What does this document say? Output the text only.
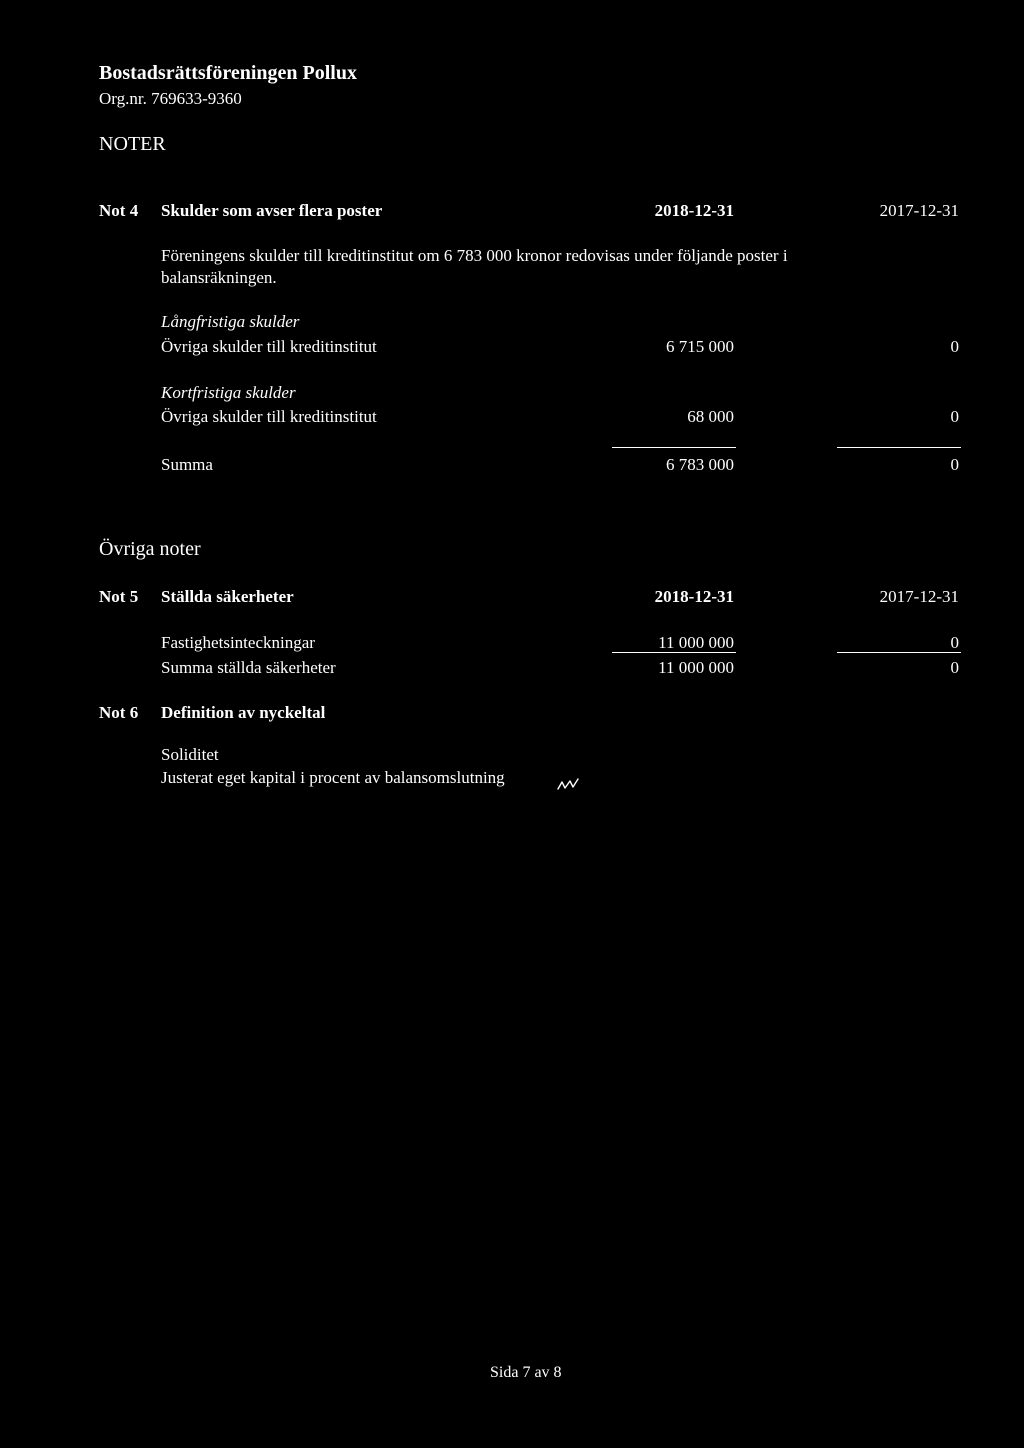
Bostadsrättsföreningen Pollux
Org.nr. 769633-9360
NOTER
Not 4 Skulder som avser flera poster	2018-12-31	2017-12-31
Föreningens skulder till kreditinstitut om 6 783 000 kronor redovisas under följande poster i
balansräkningen.
Långfristiga skulder
Övriga skulder till kreditinstitut	6 715 000	0
Kortfristiga skulder
Övriga skulder till kreditinstitut	68 000	0
Summa	6 783 000	0
Övriga noter
Not 5 Ställda säkerheter	2018-12-31	2017-12-31
Fastighetsinteckningar	11 000 000	0
Summa ställda säkerheter	11 000 000	0
Not 6 Definition av nyckeltal
Soliditet
Justerat eget kapital i procent av balansomslutning
Sida 7 av 8
